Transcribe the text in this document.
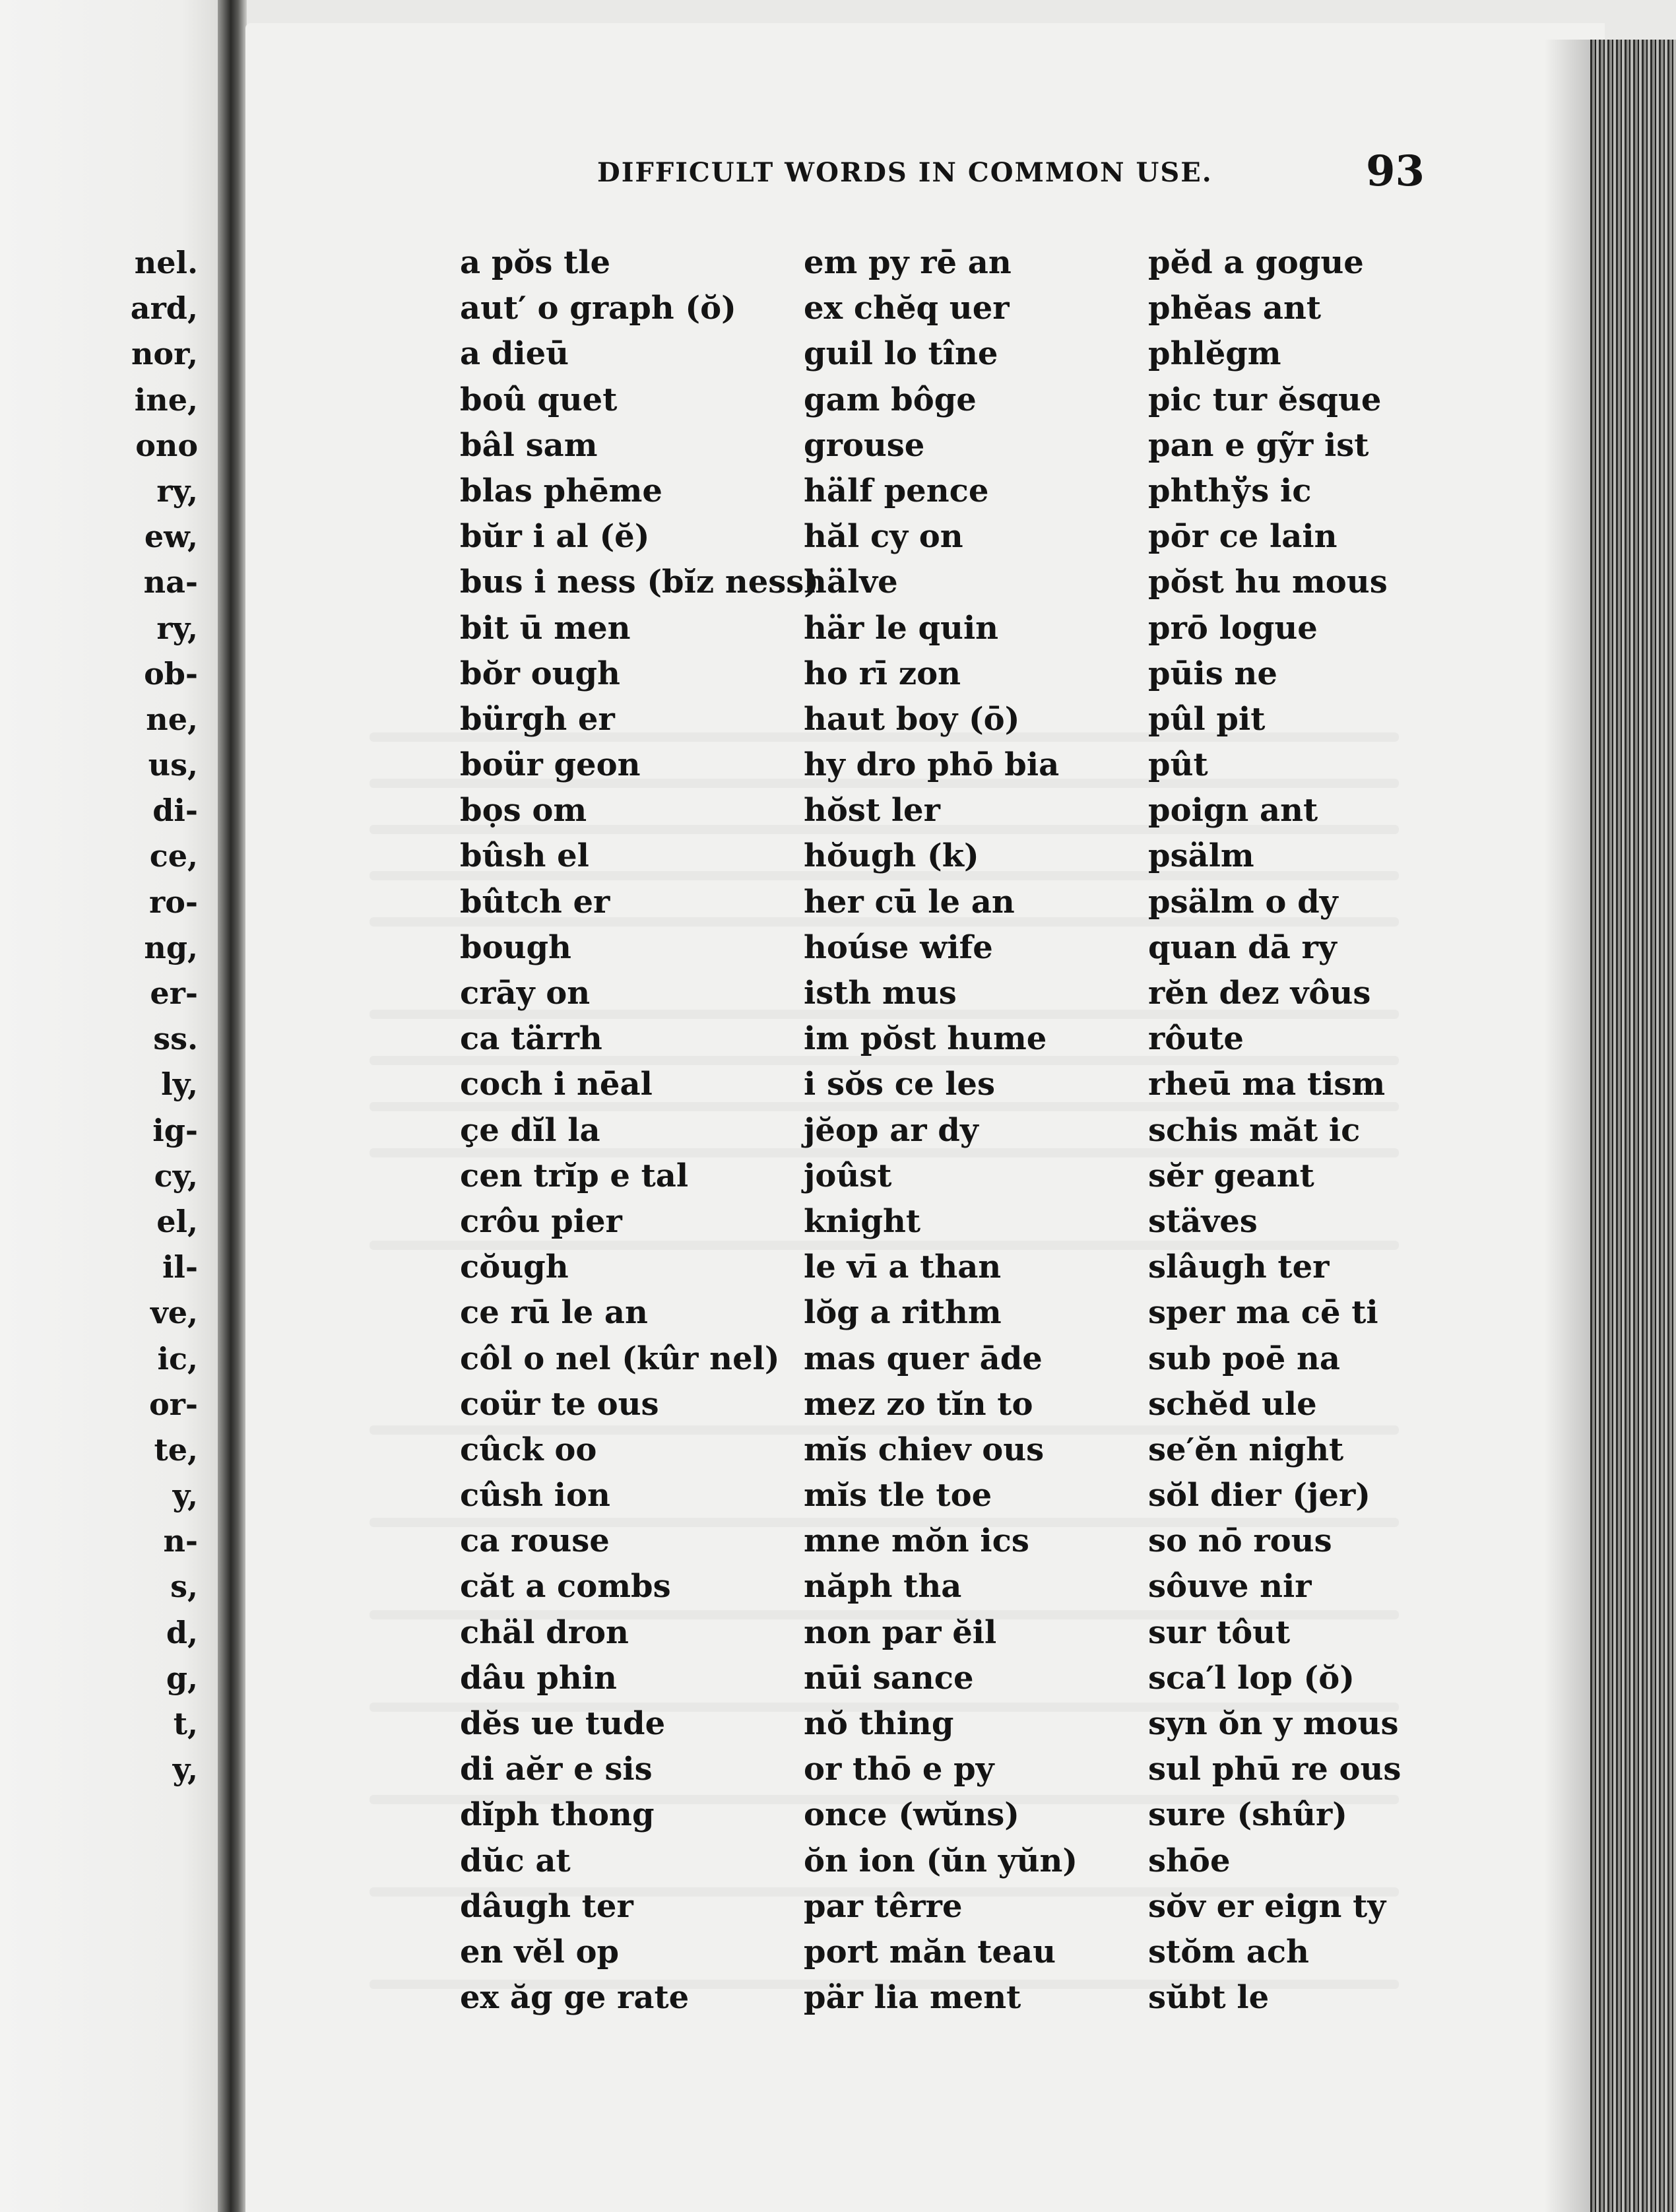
nel.
ard,
nor,
ine,
ono
ry,
ew,
na-
ry,
ob-
ne,
us,
di-
ce,
ro-
ng,
er-
ss.
ly,
ig-
cy,
el,
il-
ve,
ic,
or-
te,
y,
n-
s,
d,
g,
t,
y,
DIFFICULT WORDS IN COMMON USE.	93
a pŏs tle
aut′ o graph (ŏ)
a dieū
boû quet
bâl sam
blas phēme
bŭr i al (ĕ)
bus i ness (bĭz ness)
bit ū men
bŏr ough
bürgh er
boür geon
bọs om
bûsh el
bûtch er
bough
crāy on
ca tärrh
coch i nēal
çe dĭl la
cen trĭp e tal
crôu pier
cŏugh
ce rū le an
côl o nel (kûr nel)
coür te ous
cûck oo
cûsh ion
ca rouse
căt a combs
chäl dron
dâu phin
dĕs ue tude
di aĕr e sis
dĭph thong
dŭc at
dâugh ter
en vĕl op
ex ăg ge rate
em py rē an
ex chĕq uer
guil lo tîne
gam bôge
grouse
hälf pence
hăl cy on
hälve
här le quin
ho rī zon
haut boy (ō)
hy dro phō bia
hŏst ler
hŏugh (k)
her cū le an
hoúse wife
isth mus
im pŏst hume
i sŏs ce les
jĕop ar dy
joûst
knight
le vī a than
lŏg a rithm
mas quer āde
mez zo tĭn to
mĭs chiev ous
mĭs tle toe
mne mŏn ics
năph tha
non par ĕil
nūi sance
nŏ thing
or thō e py
once (wŭns)
ŏn ion (ŭn yŭn)
par têrre
port măn teau
pär lia ment
pĕd a gogue
phĕas ant
phlĕgm
pic tur ĕsque
pan e gỹr ist
phthўs ic
pōr ce lain
pŏst hu mous
prō logue
pūis ne
pûl pit
pût
poign ant
psälm
psälm o dy
quan dā ry
rĕn dez vôus
rôute
rheū ma tism
schis măt ic
sĕr geant
stäves
slâugh ter
sper ma cē ti
sub poē na
schĕd ule
se′ĕn night
sŏl dier (jer)
so nō rous
sôuve nir
sur tôut
sca′l lop (ŏ)
syn ŏn y mous
sul phū re ous
sure (shûr)
shōe
sŏv er eign ty
stŏm ach
sŭbt le
